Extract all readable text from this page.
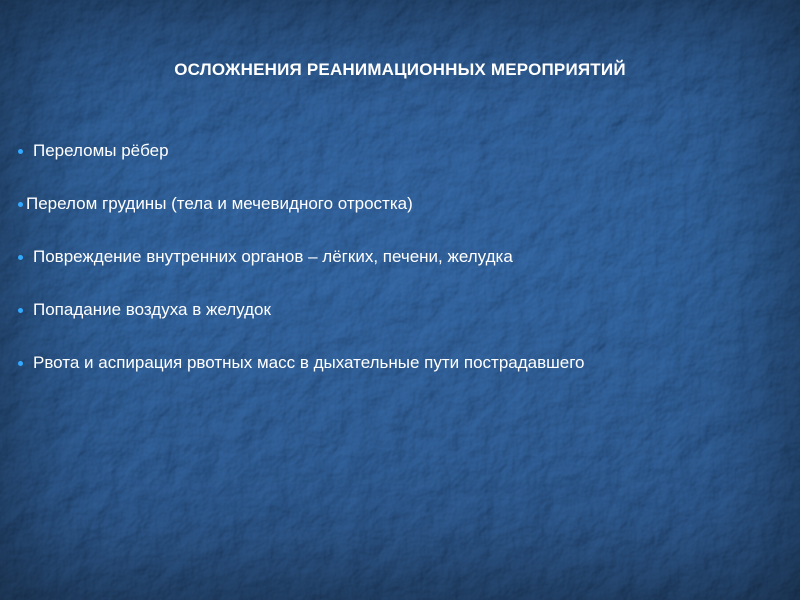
ОСЛОЖНЕНИЯ РЕАНИМАЦИОННЫХ МЕРОПРИЯТИЙ
Переломы рёбер
Перелом грудины (тела и мечевидного отростка)
Повреждение внутренних органов – лёгких, печени, желудка
Попадание воздуха в желудок
Рвота и аспирация рвотных масс в дыхательные пути пострадавшего
